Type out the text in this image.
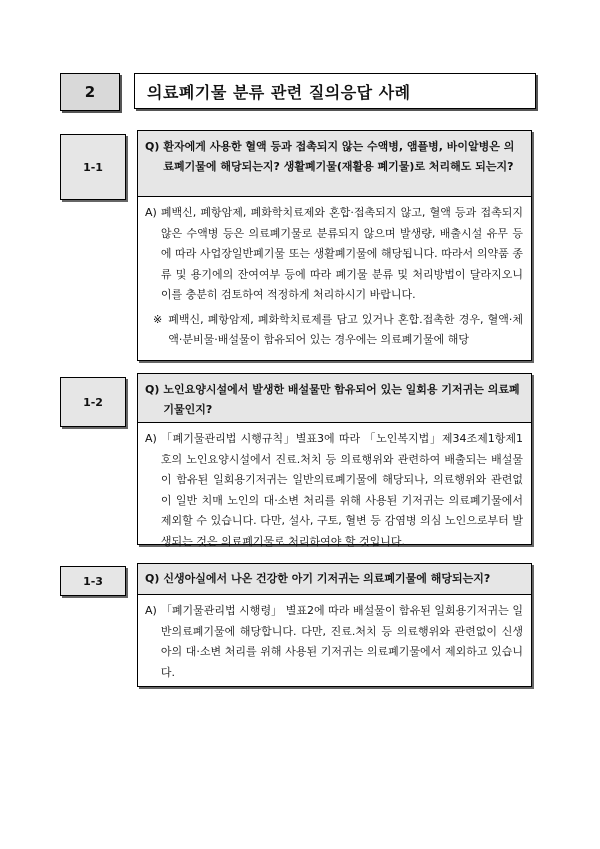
2	의료폐기물 분류 관련 질의응답 사례
1-1
Q) 환자에게 사용한 혈액 등과 접촉되지 않는 수액병, 앰플병, 바이알병은 의료폐기물에 해당되는지? 생활폐기물(재활용 폐기물)로 처리해도 되는지?
A) 폐백신, 폐항암제, 폐화학치료제와 혼합·접촉되지 않고, 혈액 등과 접촉되지 않은 수액병 등은 의료폐기물로 분류되지 않으며 발생량, 배출시설 유무 등에 따라 사업장일반폐기물 또는 생활폐기물에 해당됩니다. 따라서 의약품 종류 및 용기에의 잔여여부 등에 따라 폐기물 분류 및 처리방법이 달라지오니 이를 충분히 검토하여 적정하게 처리하시기 바랍니다.
※ 폐백신, 폐항암제, 폐화학치료제를 담고 있거나 혼합.접촉한 경우, 혈액·체액·분비물·배설물이 함유되어 있는 경우에는 의료폐기물에 해당
1-2
Q) 노인요양시설에서 발생한 배설물만 함유되어 있는 일회용 기저귀는 의료폐기물인지?
A) 「폐기물관리법 시행규칙」별표3에 따라 「노인복지법」제34조제1항제1호의 노인요양시설에서 진료.처치 등 의료행위와 관련하여 배출되는 배설물이 함유된 일회용기저귀는 일반의료폐기물에 해당되나, 의료행위와 관련없이 일반 치매 노인의 대·소변 처리를 위해 사용된 기저귀는 의료폐기물에서 제외할 수 있습니다. 다만, 설사, 구토, 혈변 등 감염병 의심 노인으로부터 발생되는 것은 의료폐기물로 처리하여야 할 것입니다.
1-3	Q) 신생아실에서 나온 건강한 아기 기저귀는 의료폐기물에 해당되는지?
A) 「폐기물관리법 시행령」 별표2에 따라 배설물이 함유된 일회용기저귀는 일반의료폐기물에 해당합니다. 다만, 진료.처치 등 의료행위와 관련없이 신생아의 대·소변 처리를 위해 사용된 기저귀는 의료폐기물에서 제외하고 있습니다.
